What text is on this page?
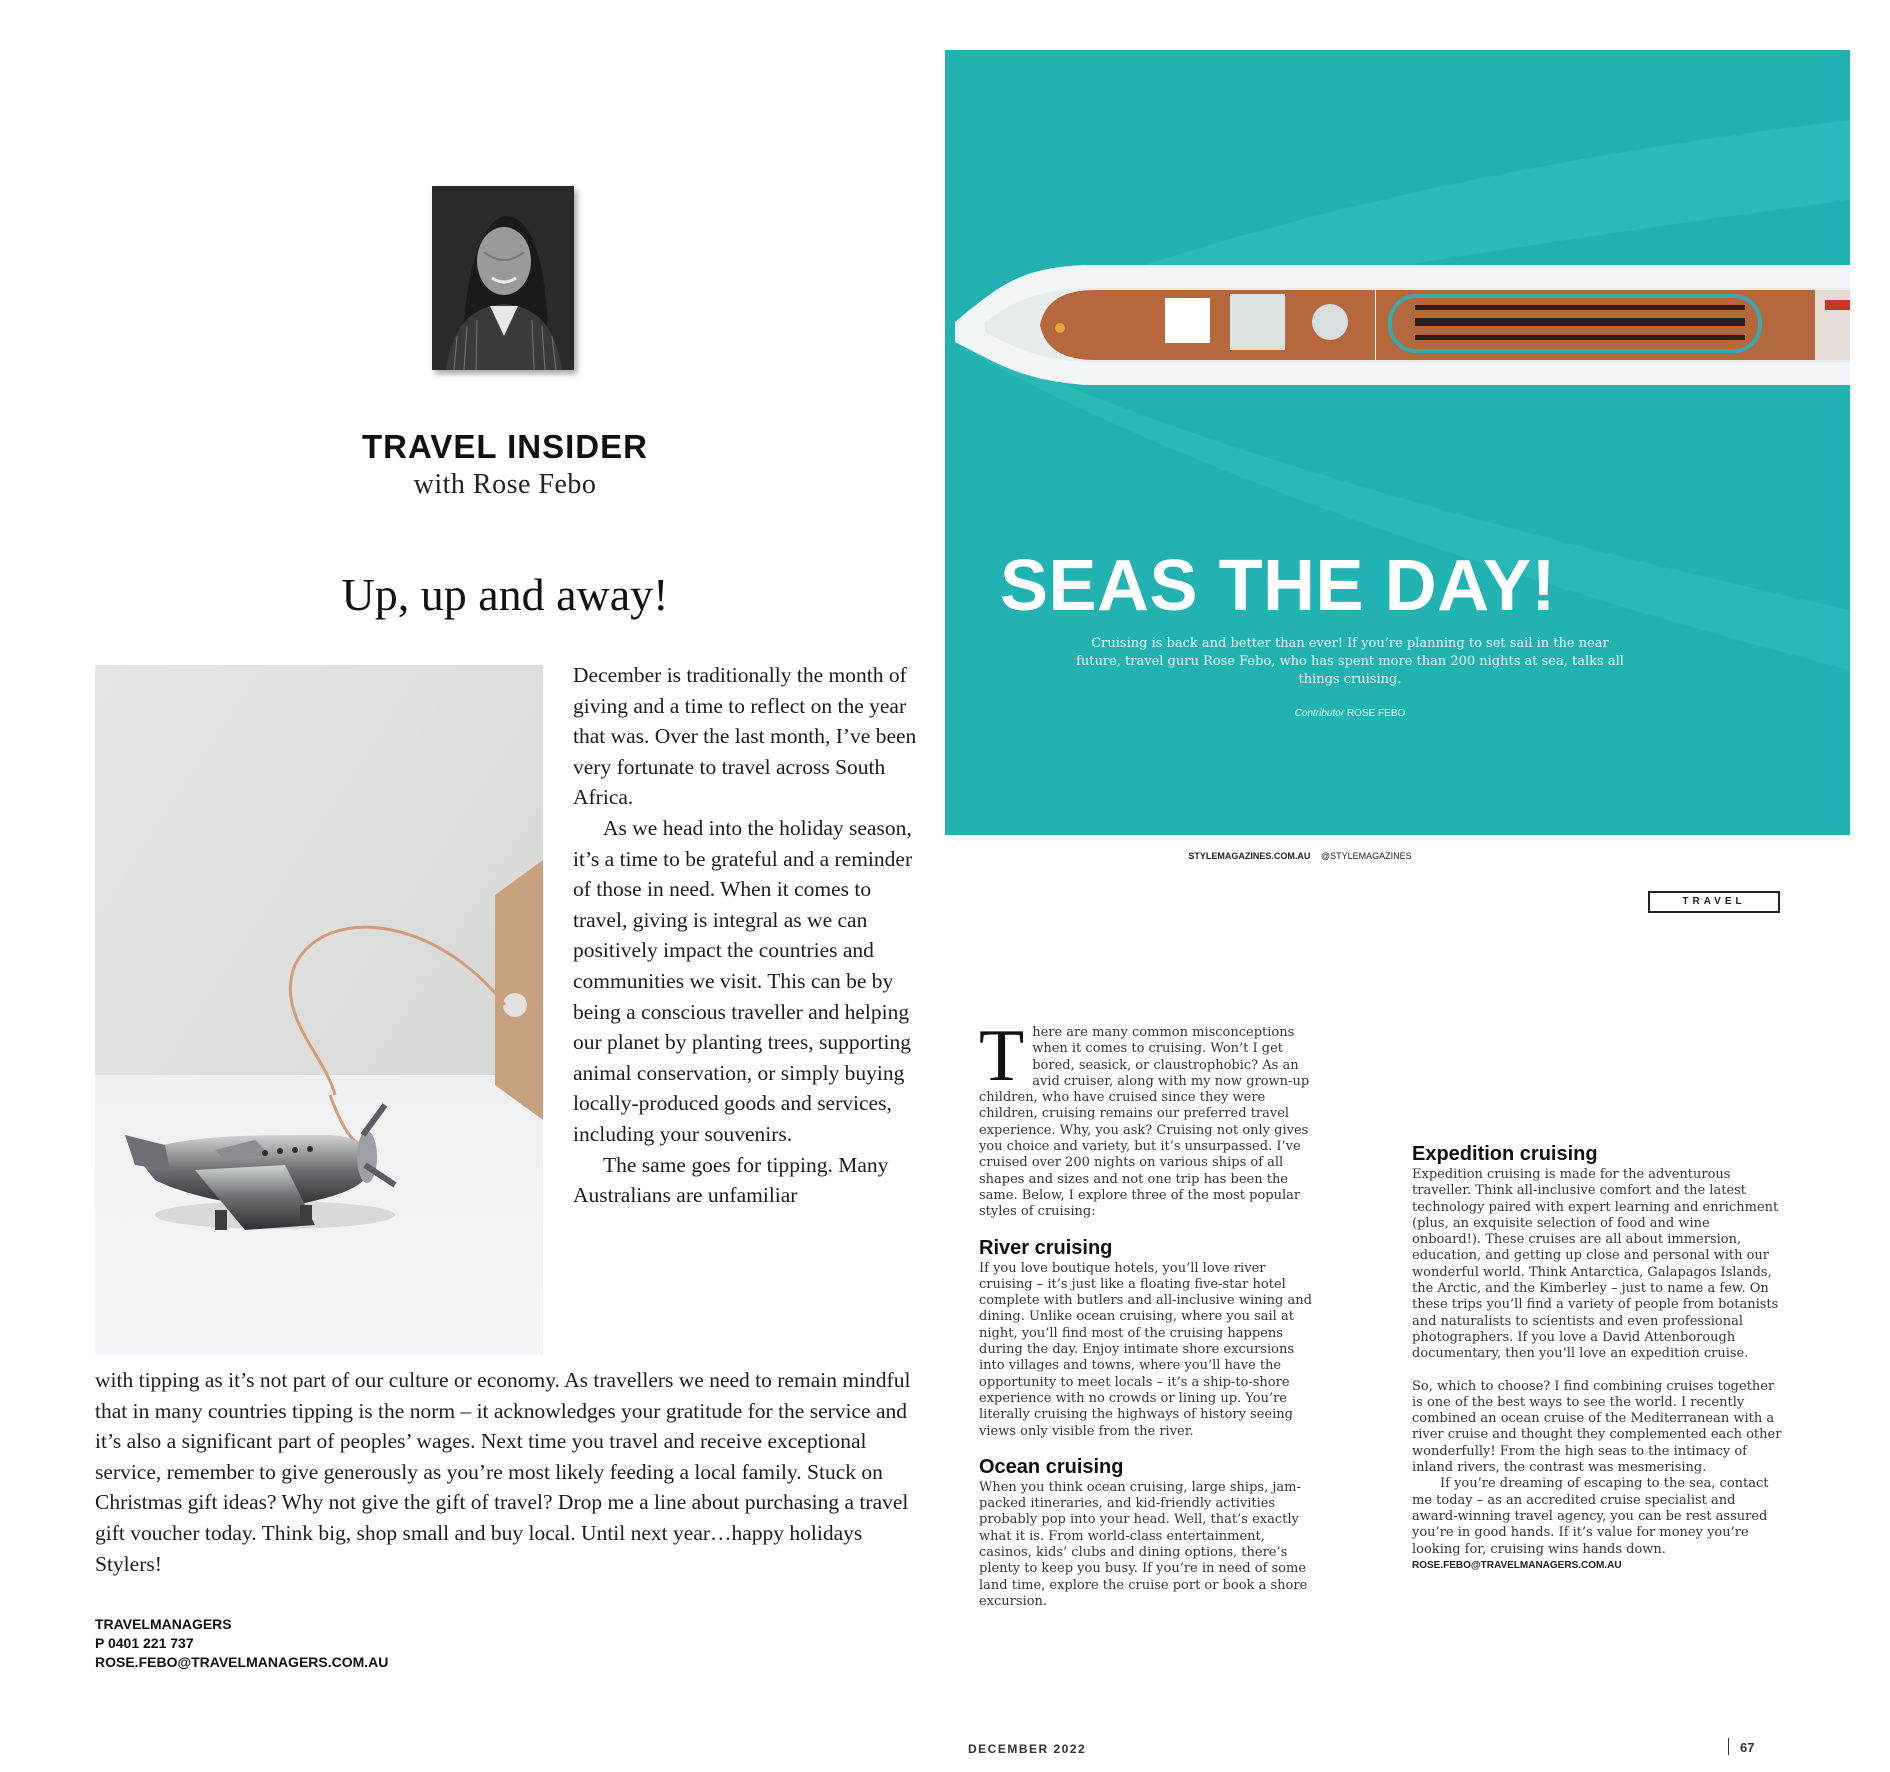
TRAVEL INSIDER
with Rose Febo
Up, up and away!

December is traditionally the month of giving and a time to reflect on the year that was. Over the last month, I’ve been very fortunate to travel across South Africa.

As we head into the holiday season, it’s a time to be grateful and a reminder of those in need. When it comes to travel, giving is integral as we can positively impact the countries and communities we visit. This can be by being a conscious traveller and helping our planet by planting trees, supporting animal conservation, or simply buying locally-produced goods and services, including your souvenirs.

The same goes for tipping. Many Australians are unfamiliar

with tipping as it’s not part of our culture or economy. As travellers we need to remain mindful that in many countries tipping is the norm – it acknowledges your gratitude for the service and it’s also a significant part of peoples’ wages. Next time you travel and receive exceptional service, remember to give generously as you’re most likely feeding a local family. Stuck on Christmas gift ideas? Why not give the gift of travel? Drop me a line about purchasing a travel gift voucher today. Think big, shop small and buy local. Until next year…happy holidays Stylers!
TRAVELMANAGERS
P 0401 221 737
ROSE.FEBO@TRAVELMANAGERS.COM.AU
SEAS THE DAY!
Cruising is back and better than ever! If you’re planning to set sail in the near future, travel guru Rose Febo, who has spent more than 200 nights at sea, talks all things cruising.
Contributor ROSE FEBO
STYLEMAGAZINES.COM.AU @STYLEMAGAZINES
TRAVEL

There are many common misconceptions when it comes to cruising. Won’t I get bored, seasick, or claustrophobic? As an avid cruiser, along with my now grown-up children, who have cruised since they were children, cruising remains our preferred travel experience. Why, you ask? Cruising not only gives you choice and variety, but it’s unsurpassed. I’ve cruised over 200 nights on various ships of all shapes and sizes and not one trip has been the same. Below, I explore three of the most popular styles of cruising:

River cruising

If you love boutique hotels, you’ll love river cruising – it’s just like a floating five-star hotel complete with butlers and all-inclusive wining and dining. Unlike ocean cruising, where you sail at night, you’ll find most of the cruising happens during the day. Enjoy intimate shore excursions into villages and towns, where you’ll have the opportunity to meet locals – it’s a ship-to-shore experience with no crowds or lining up. You’re literally cruising the highways of history seeing views only visible from the river.

Ocean cruising

When you think ocean cruising, large ships, jam-packed itineraries, and kid-friendly activities probably pop into your head. Well, that’s exactly what it is. From world-class entertainment, casinos, kids’ clubs and dining options, there’s plenty to keep you busy. If you’re in need of some land time, explore the cruise port or book a shore excursion.

Expedition cruising

Expedition cruising is made for the adventurous traveller. Think all-inclusive comfort and the latest technology paired with expert learning and enrichment (plus, an exquisite selection of food and wine onboard!). These cruises are all about immersion, education, and getting up close and personal with our wonderful world. Think Antarctica, Galapagos Islands, the Arctic, and the Kimberley – just to name a few. On these trips you’ll find a variety of people from botanists and naturalists to scientists and even professional photographers. If you love a David Attenborough documentary, then you’ll love an expedition cruise.

So, which to choose? I find combining cruises together is one of the best ways to see the world. I recently combined an ocean cruise of the Mediterranean with a river cruise and thought they complemented each other wonderfully! From the high seas to the intimacy of inland rivers, the contrast was mesmerising.

If you’re dreaming of escaping to the sea, contact me today – as an accredited cruise specialist and award-winning travel agency, you can be rest assured you’re in good hands. If it’s value for money you’re looking for, cruising wins hands down.

ROSE.FEBO@TRAVELMANAGERS.COM.AU
DECEMBER 2022	67
